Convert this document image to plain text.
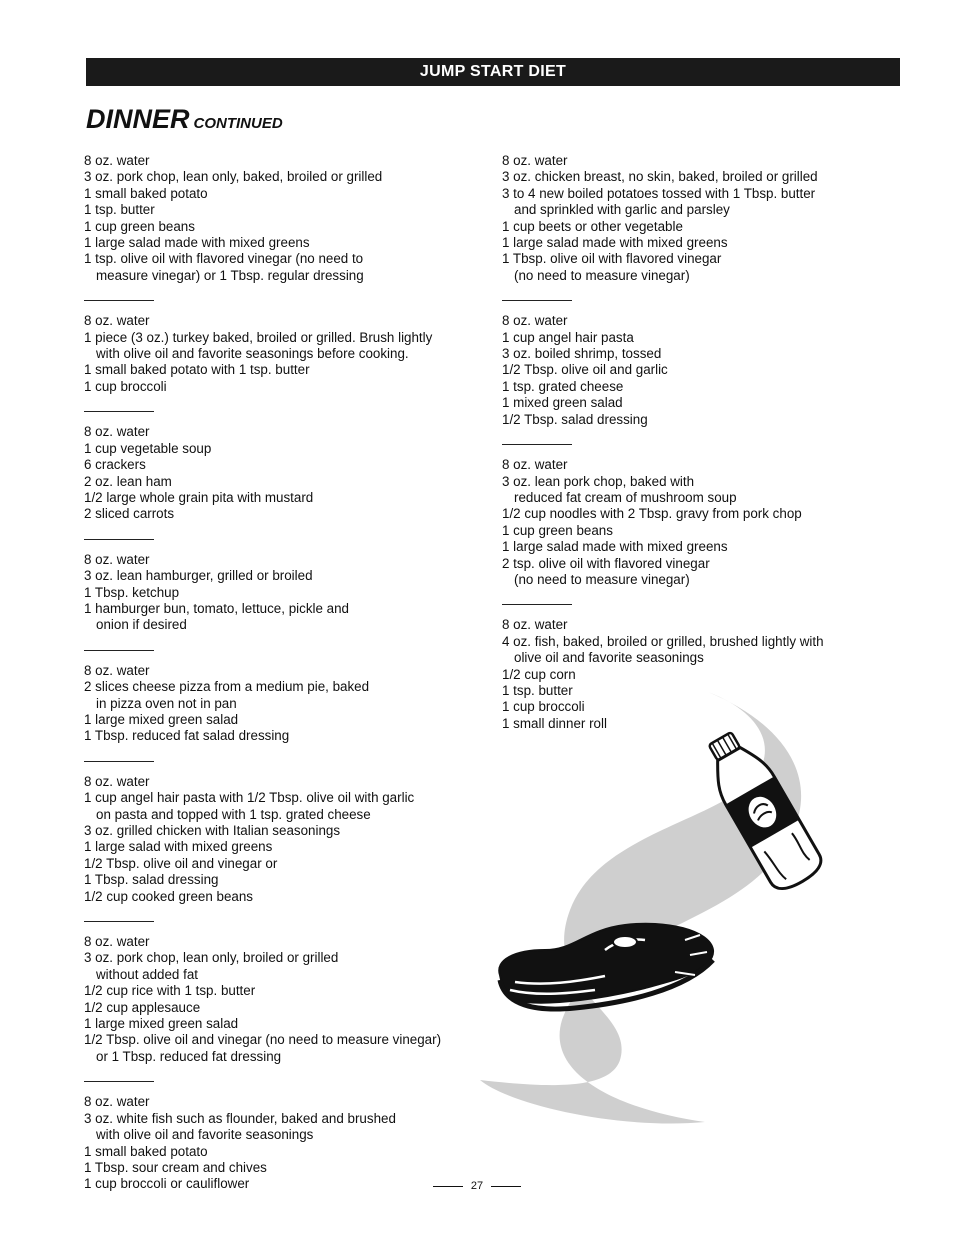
JUMP START DIET
DINNER CONTINUED
8 oz. water
3 oz. pork chop, lean only, baked, broiled or grilled
1 small baked potato
1 tsp. butter
1 cup green beans
1 large salad made with mixed greens
1 tsp. olive oil with flavored vinegar (no need to
measure vinegar) or 1 Tbsp. regular dressing
8 oz. water
1 piece (3 oz.) turkey baked, broiled or grilled. Brush lightly
with olive oil and favorite seasonings before cooking.
1 small baked potato with 1 tsp. butter
1 cup broccoli
8 oz. water
1 cup vegetable soup
6 crackers
2 oz. lean ham
1/2 large whole grain pita with mustard
2 sliced carrots
8 oz. water
3 oz. lean hamburger, grilled or broiled
1 Tbsp. ketchup
1 hamburger bun, tomato, lettuce, pickle and
onion if desired
8 oz. water
2 slices cheese pizza from a medium pie, baked
in pizza oven not in pan
1 large mixed green salad
1 Tbsp. reduced fat salad dressing
8 oz. water
1 cup angel hair pasta with 1/2 Tbsp. olive oil with garlic
on pasta and topped with 1 tsp. grated cheese
3 oz. grilled chicken with Italian seasonings
1 large salad with mixed greens
1/2 Tbsp. olive oil and vinegar or
1 Tbsp. salad dressing
1/2 cup cooked green beans
8 oz. water
3 oz. pork chop, lean only, broiled or grilled
without added fat
1/2 cup rice with 1 tsp. butter
1/2 cup applesauce
1 large mixed green salad
1/2 Tbsp. olive oil and vinegar (no need to measure vinegar)
or 1 Tbsp. reduced fat dressing
8 oz. water
3 oz. white fish such as flounder, baked and brushed
with olive oil and favorite seasonings
1 small baked potato
1 Tbsp. sour cream and chives
1 cup broccoli or cauliflower
8 oz. water
3 oz. chicken breast, no skin, baked, broiled or grilled
3 to 4 new boiled potatoes tossed with 1 Tbsp. butter
and sprinkled with garlic and parsley
1 cup beets or other vegetable
1 large salad made with mixed greens
1 Tbsp. olive oil with flavored vinegar
(no need to measure vinegar)
8 oz. water
1 cup angel hair pasta
3 oz. boiled shrimp, tossed
1/2 Tbsp. olive oil and garlic
1 tsp. grated cheese
1 mixed green salad
1/2 Tbsp. salad dressing
8 oz. water
3 oz. lean pork chop, baked with
reduced fat cream of mushroom soup
1/2 cup noodles with 2 Tbsp. gravy from pork chop
1 cup green beans
1 large salad made with mixed greens
2 tsp. olive oil with flavored vinegar
(no need to measure vinegar)
8 oz. water
4 oz. fish, baked, broiled or grilled, brushed lightly with
olive oil and favorite seasonings
1/2 cup corn
1 tsp. butter
1 cup broccoli
1 small dinner roll
27
